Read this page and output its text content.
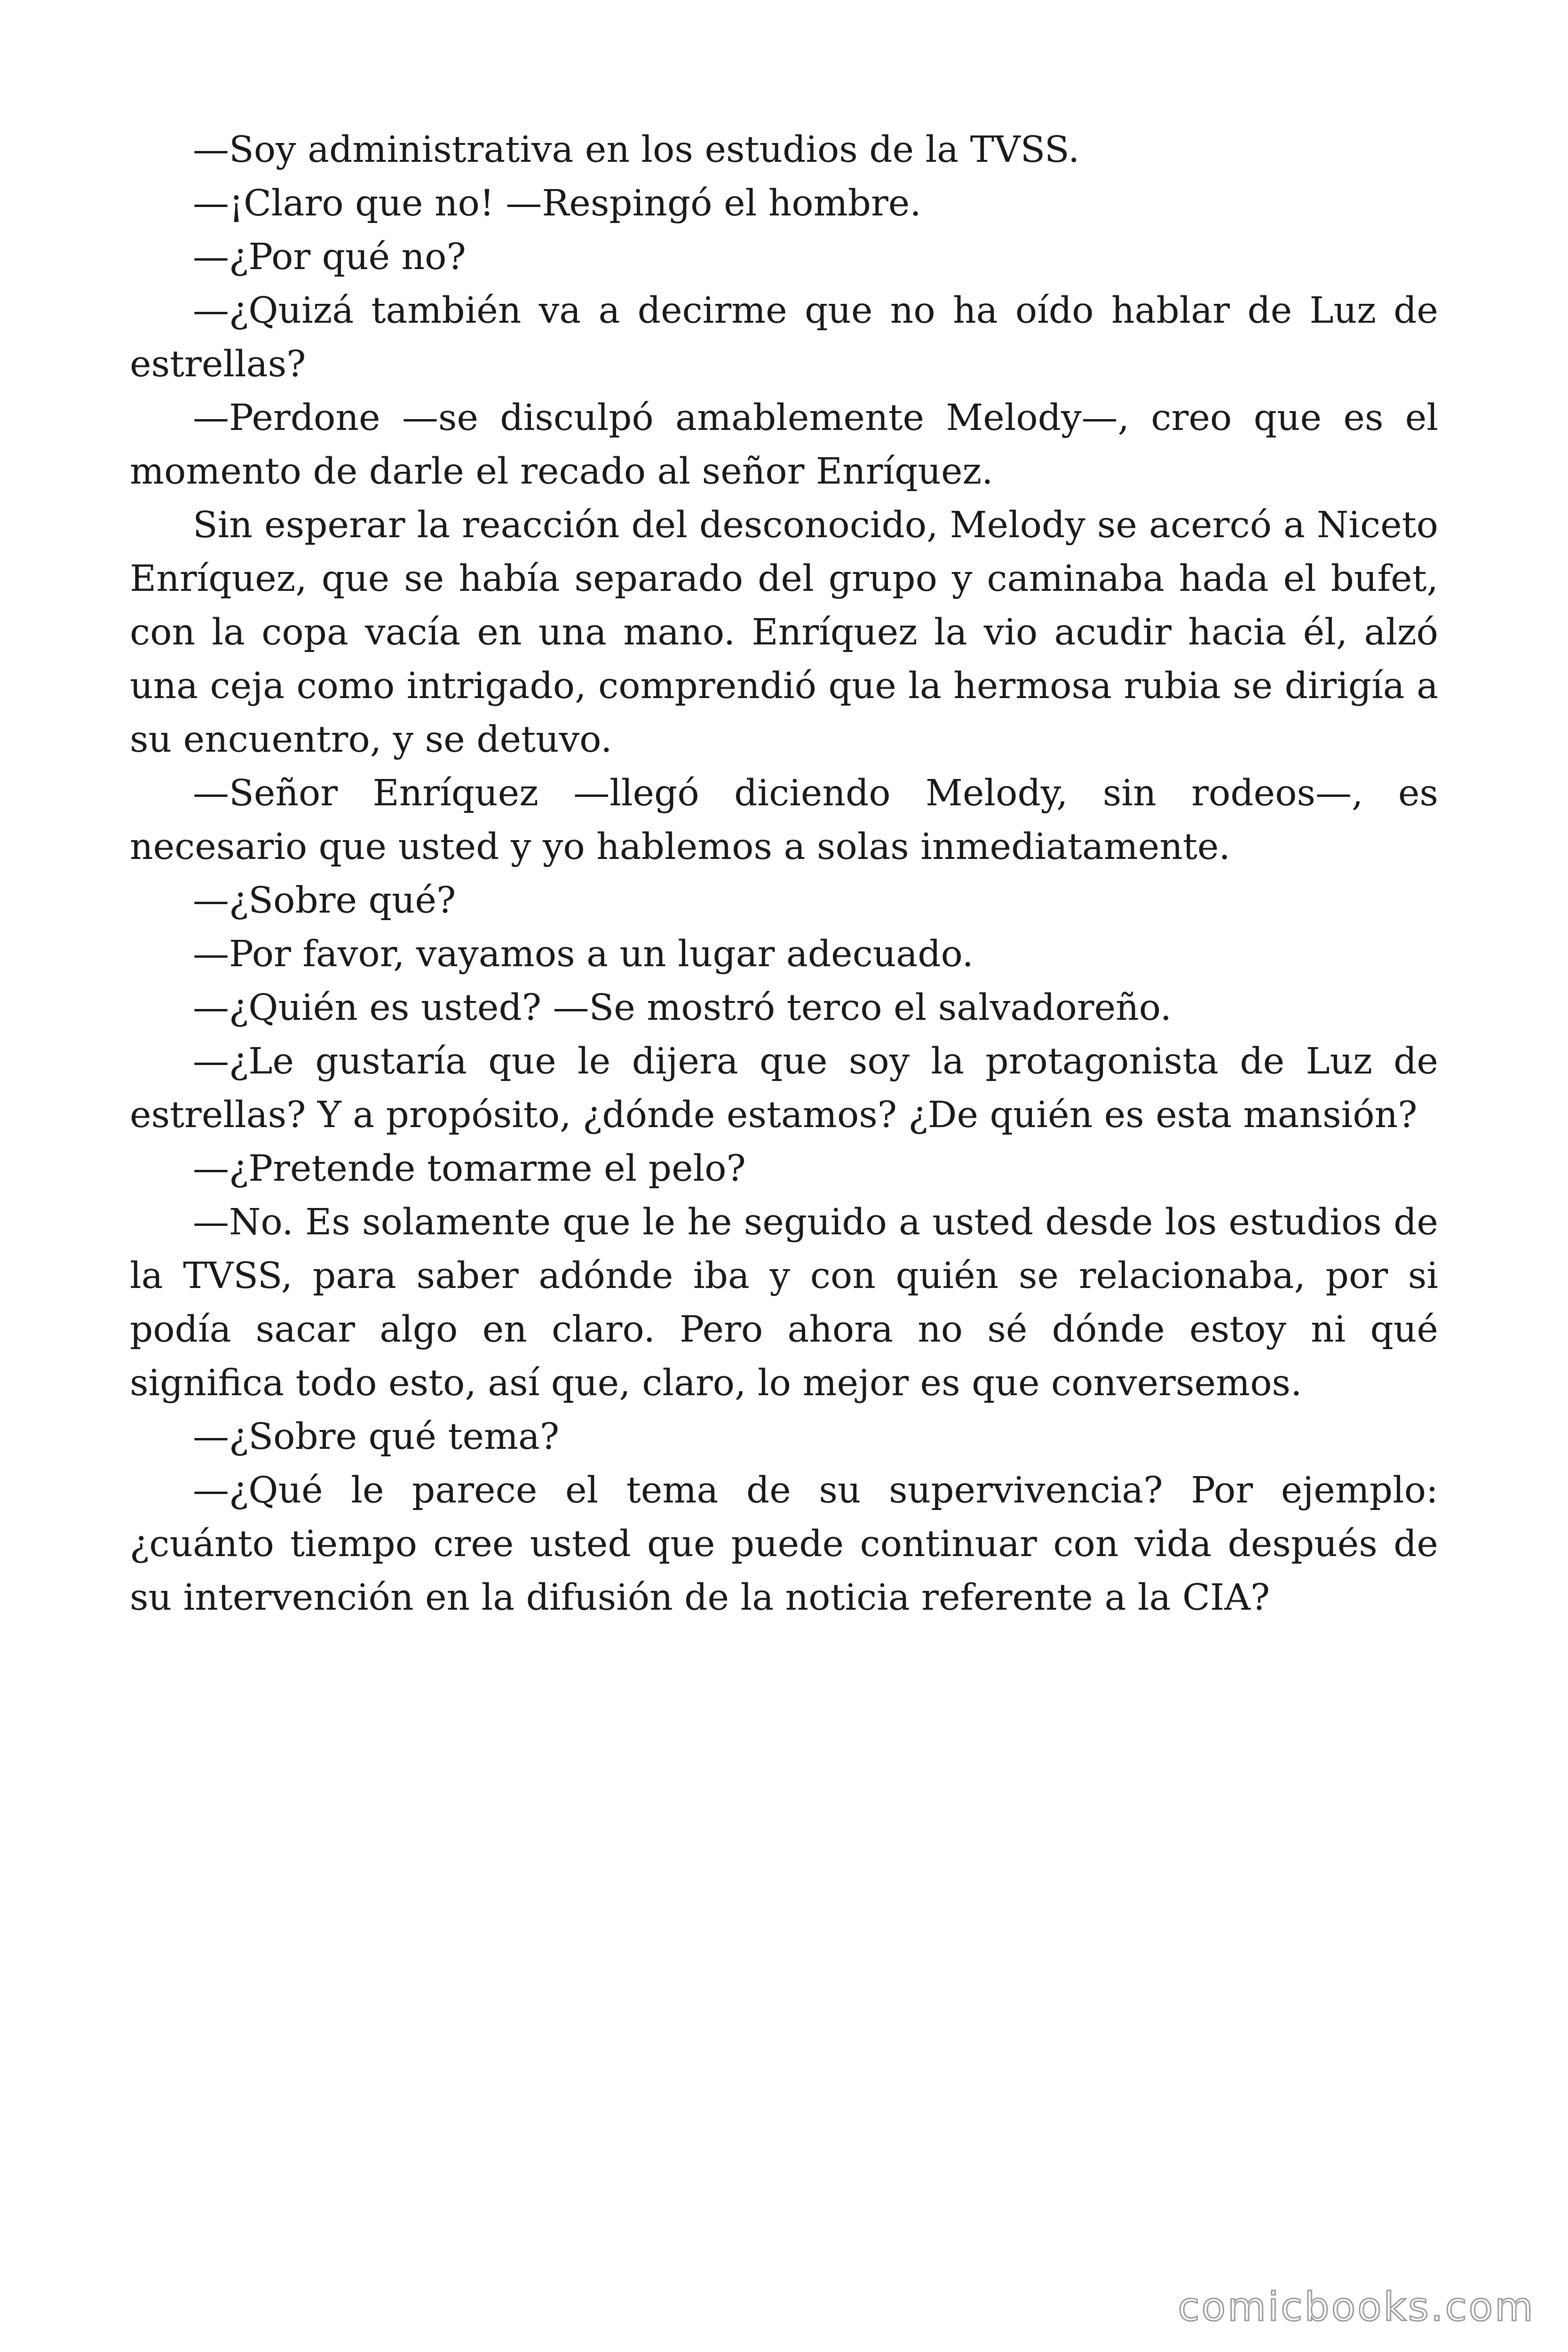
—Soy administrativa en los estudios de la TVSS.

—¡Claro que no! —Respingó el hombre.

—¿Por qué no?

—¿Quizá también va a decirme que no ha oído hablar de Luz de estrellas?

—Perdone —se disculpó amablemente Melody—, creo que es el momento de darle el recado al señor Enríquez.

Sin esperar la reacción del desconocido, Melody se acercó a Niceto Enríquez, que se había separado del grupo y caminaba hada el bufet, con la copa vacía en una mano. Enríquez la vio acudir hacia él, alzó una ceja como intrigado, comprendió que la hermosa rubia se dirigía a su encuentro, y se detuvo.

—Señor Enríquez —llegó diciendo Melody, sin rodeos—, es necesario que usted y yo hablemos a solas inmediatamente.

—¿Sobre qué?

—Por favor, vayamos a un lugar adecuado.

—¿Quién es usted? —Se mostró terco el salvadoreño.

—¿Le gustaría que le dijera que soy la protagonista de Luz de estrellas? Y a propósito, ¿dónde estamos? ¿De quién es esta mansión?

—¿Pretende tomarme el pelo?

—No. Es solamente que le he seguido a usted desde los estudios de la TVSS, para saber adónde iba y con quién se relacionaba, por si podía sacar algo en claro. Pero ahora no sé dónde estoy ni qué significa todo esto, así que, claro, lo mejor es que conversemos.

—¿Sobre qué tema?

—¿Qué le parece el tema de su supervivencia? Por ejemplo: ¿cuánto tiempo cree usted que puede continuar con vida después de su intervención en la difusión de la noticia referente a la CIA?

comicbooks.com
